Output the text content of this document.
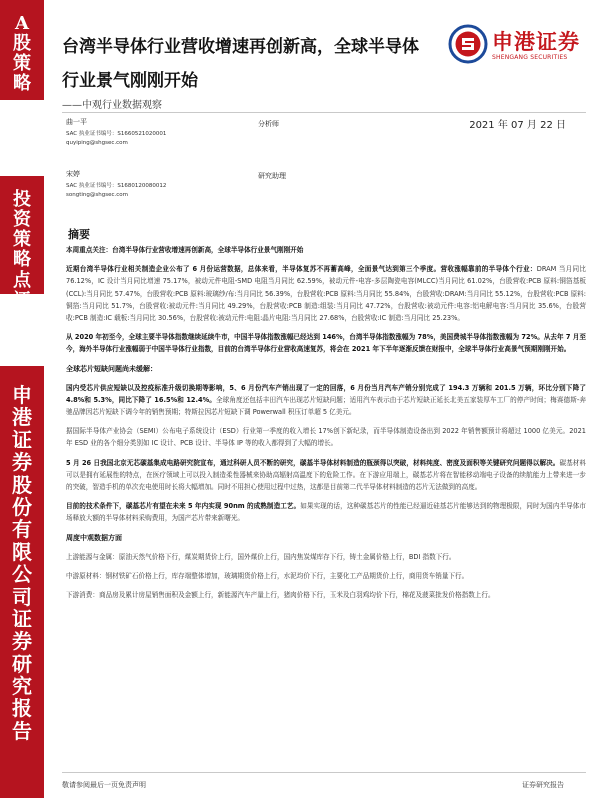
A
股
策
略
投
资
策
略
点
评
申
港
证
券
股
份
有
限
公
司
证
券
研
究
报
告
台湾半导体行业营收增速再创新高，全球半导体
行业景气刚刚开始
——中观行业数据观察
申港证券
SHENGANG SECURITIES
曲一平
SAC 执业证书编号：S1660521020001
quyiping@shgsec.com
分析师	2021 年 07 月 22 日
宋婷
SAC 执业证书编号：S1680120080012
songting@shgsec.com
研究助理
摘要
本周重点关注：台湾半导体行业营收增速再创新高，全球半导体行业景气刚刚开始
近期台湾半导体行业相关制造企业公布了 6 月份运营数据，总体来看，半导体复苏不再蓄高峰，全面景气达到第三个季度。营收涨幅靠前的半导体个行业：DRAM 当月同比 76.12%，IC 设计当月同比增速 75.17%，被动元件电阻-SMD 电阻当月同比 62.59%，被动元件-电容-多层陶瓷电容(MLCC)当月同比 61.02%，台股营收:PCB 原料:铜箔基板(CCL):当月同比 57.47%，台股营收:PCB 原料:玻璃纱/布:当月同比 56.39%，台股营收:PCB 原料:当月同比 55.84%，台股营收:DRAM:当月同比 55.12%，台股营收:PCB 原料:铜箔:当月同比 51.7%，台股营收:被动元件:当月同比 49.29%，台股营收:PCB 制造:组装:当月同比 47.72%，台股营收:被动元件:电容:铝电解电容:当月同比 35.6%，台股营收:PCB 制造:IC 载板:当月同比 30.56%，台股营收:被动元件:电阻:晶片电阻:当月同比 27.68%，台股营收:IC 制造:当月同比 25.23%。
从 2020 年初至今，全球主要半导体指数继续延续牛市，中国半导体指数涨幅已经达到 146%，台湾半导体指数涨幅为 78%，美国费城半导体指数涨幅为 72%。从去年 7 月至今，海外半导体行业涨幅弱于中国半导体行业指数，目前的台湾半导体行业营收高速复苏，将会在 2021 年下半年逐渐反馈在财报中，全球半导体行业高景气预期刚刚开始。
全球芯片短缺问题尚未缓解：
国内受芯片供应短缺以及控疫标准升级切换期等影响，5、6 月份汽车产销出现了一定的回落，6 月份当月汽车产销分别完成了 194.3 万辆和 201.5 万辆，环比分别下降了 4.8%和 5.3%，同比下降了 16.5%和 12.4%。全球角度还包括丰田汽车出现芯片短缺问题；适用汽车表示由于芯片短缺正延长北美五家装厚车工厂的停产时间；梅赛德斯-奔驰品牌因芯片短缺下调今年的销售预期；特斯拉因芯片短缺下调 Powerwall 积压订单超 5 亿美元。
据国际半导体产业协会（SEMI）公布电子系统设计（ESD）行业第一季度的收入增长 17%创下新纪录，而半导体制造设备出到 2022 年销售额预计将超过 1000 亿美元。2021 年 ESD 业的各个细分类别如 IC 设计、PCB 设计、半导体 IP 等的收入都得到了大幅的增长。
5 月 26 日我国北京无芯碳基集成电路研究院宣布，通过科研人员不断的研究，碳基半导体材料制造的瓶颈得以突破，材料纯度、密度及面积等关键研究问题得以解决。碳基材料可以是拥有延展性的特点，在医疗领域上可以投入制造柔性器械来协助高辐射高温度下的危险工作。在下游应用端上，碳基芯片将在智能移动端电子设备的续航能力上带来进一步的突破，智造手机的单次充电使用时长将大幅增加。同时不用担心使用过程中过热，这都是目前第二代半导体材料制造的芯片无法做到的高度。
目前的技术条件下，碳基芯片有望在未来 5 年内实现 90nm 的成熟制造工艺。如果实现的话，这种碳基芯片的性能已经逼近硅基芯片能够达到的物理极限，同时为国内半导体市场释放大额的半导体材料采购费用，为国产芯片带来新曙光。
周度中观数据方面
上游能源与金属：原油天然气价格下行，煤炭期货价上行，国外煤价上行，国内焦炭煤库存下行，铸土金属价格上行，BDI 指数下行。
中游原材料：钢材铁矿石价格上行，库存端整体增加，玻璃期货价格上行，水泥均价下行，主要化工产品期货价上行，商用货车销量下行。
下游消费：商品房及累计房屋销售面积及金额上行，新能源汽车产量上行，猪肉价格下行，玉米及白羽鸡均价下行，棉花及菠菜批发价格指数上行。
敬请参阅最后一页免责声明	证券研究报告
